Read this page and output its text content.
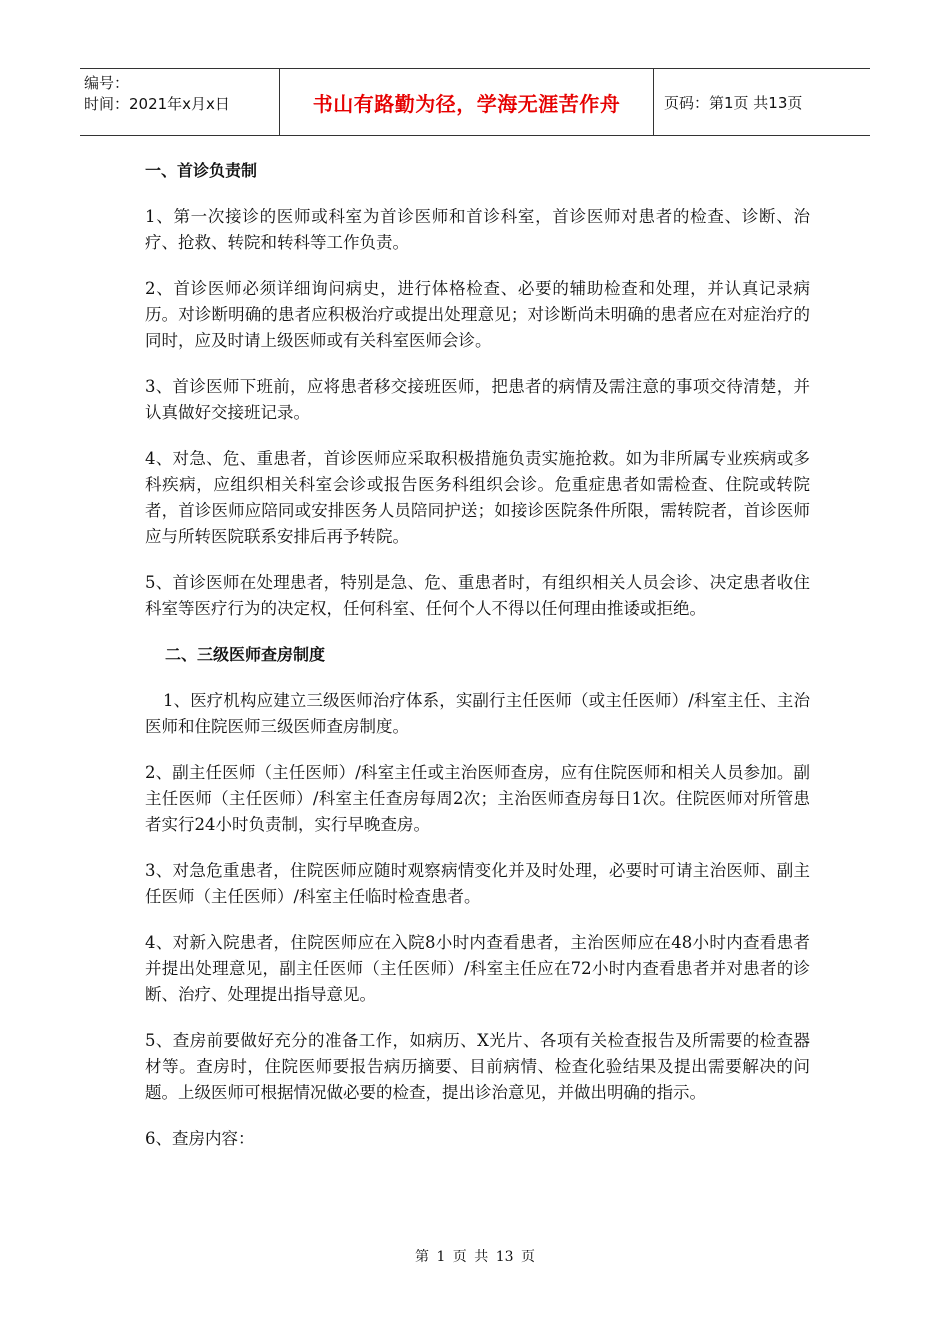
编号：
时间：2021年x月x日	书山有路勤为径，学海无涯苦作舟	页码：第1页 共13页
一、首诊负责制

1、第一次接诊的医师或科室为首诊医师和首诊科室，首诊医师对患者的检查、诊断、治疗、抢救、转院和转科等工作负责。

2、首诊医师必须详细询问病史，进行体格检查、必要的辅助检查和处理，并认真记录病历。对诊断明确的患者应积极治疗或提出处理意见；对诊断尚未明确的患者应在对症治疗的同时，应及时请上级医师或有关科室医师会诊。

3、首诊医师下班前，应将患者移交接班医师，把患者的病情及需注意的事项交待清楚，并认真做好交接班记录。

4、对急、危、重患者，首诊医师应采取积极措施负责实施抢救。如为非所属专业疾病或多科疾病，应组织相关科室会诊或报告医务科组织会诊。危重症患者如需检查、住院或转院者，首诊医师应陪同或安排医务人员陪同护送；如接诊医院条件所限，需转院者，首诊医师应与所转医院联系安排后再予转院。

5、首诊医师在处理患者，特别是急、危、重患者时，有组织相关人员会诊、决定患者收住科室等医疗行为的决定权，任何科室、任何个人不得以任何理由推诿或拒绝。

二、三级医师查房制度

1、医疗机构应建立三级医师治疗体系，实副行主任医师（或主任医师）/科室主任、主治医师和住院医师三级医师查房制度。

2、副主任医师（主任医师）/科室主任或主治医师查房，应有住院医师和相关人员参加。副主任医师（主任医师）/科室主任查房每周2次；主治医师查房每日1次。住院医师对所管患者实行24小时负责制，实行早晚查房。

3、对急危重患者，住院医师应随时观察病情变化并及时处理，必要时可请主治医师、副主任医师（主任医师）/科室主任临时检查患者。

4、对新入院患者，住院医师应在入院8小时内查看患者，主治医师应在48小时内查看患者并提出处理意见，副主任医师（主任医师）/科室主任应在72小时内查看患者并对患者的诊断、治疗、处理提出指导意见。

5、查房前要做好充分的准备工作，如病历、X光片、各项有关检查报告及所需要的检查器材等。查房时，住院医师要报告病历摘要、目前病情、检查化验结果及提出需要解决的问题。上级医师可根据情况做必要的检查，提出诊治意见，并做出明确的指示。

6、查房内容：

第 1 页 共 13 页
